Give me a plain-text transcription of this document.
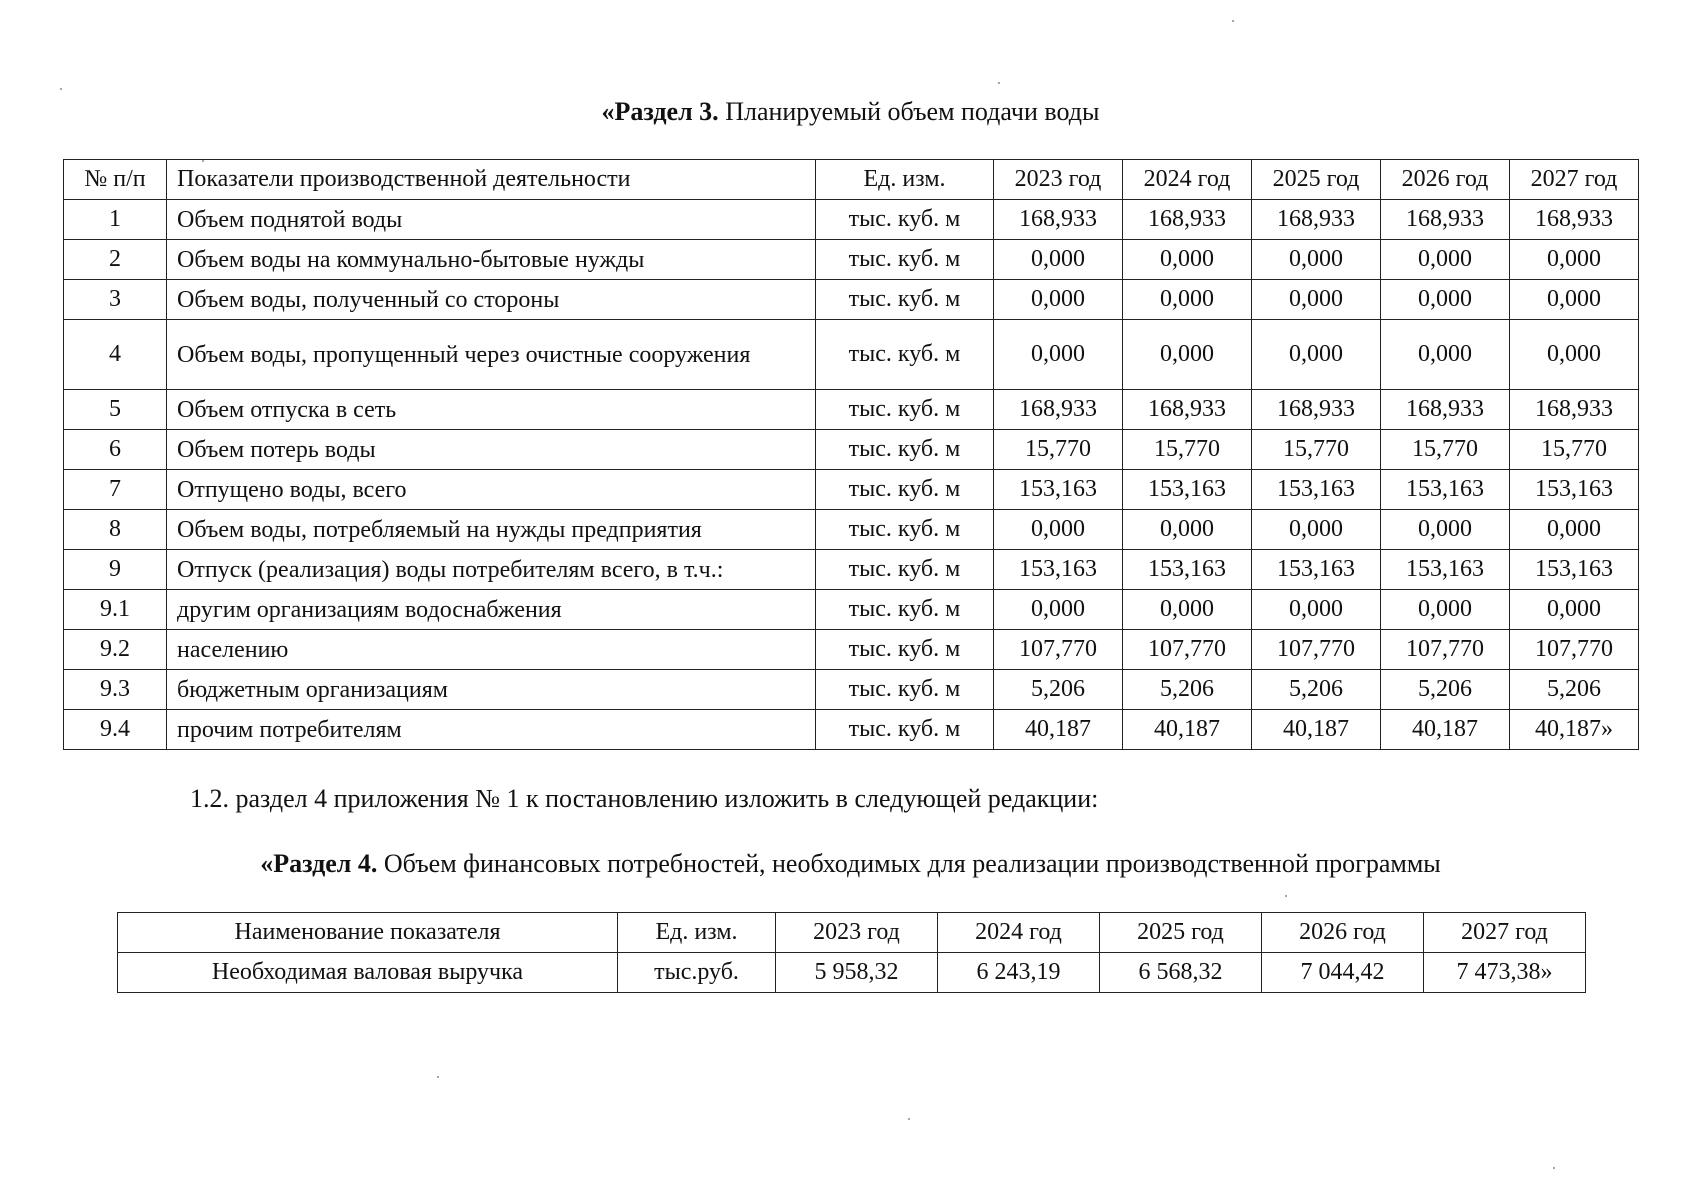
«Раздел 3. Планируемый объем подачи воды
№ п/п	Показатели производственной деятельности	Ед. изм.	2023 год	2024 год	2025 год	2026 год	2027 год
1	Объем поднятой воды	тыс. куб. м	168,933	168,933	168,933	168,933	168,933
2	Объем воды на коммунально-бытовые нужды	тыс. куб. м	0,000	0,000	0,000	0,000	0,000
3	Объем воды, полученный со стороны	тыс. куб. м	0,000	0,000	0,000	0,000	0,000
4	Объем воды, пропущенный через очистные сооружения	тыс. куб. м	0,000	0,000	0,000	0,000	0,000
5	Объем отпуска в сеть	тыс. куб. м	168,933	168,933	168,933	168,933	168,933
6	Объем потерь воды	тыс. куб. м	15,770	15,770	15,770	15,770	15,770
7	Отпущено воды, всего	тыс. куб. м	153,163	153,163	153,163	153,163	153,163
8	Объем воды, потребляемый на нужды предприятия	тыс. куб. м	0,000	0,000	0,000	0,000	0,000
9	Отпуск (реализация) воды потребителям всего, в т.ч.:	тыс. куб. м	153,163	153,163	153,163	153,163	153,163
9.1	другим организациям водоснабжения	тыс. куб. м	0,000	0,000	0,000	0,000	0,000
9.2	населению	тыс. куб. м	107,770	107,770	107,770	107,770	107,770
9.3	бюджетным организациям	тыс. куб. м	5,206	5,206	5,206	5,206	5,206
9.4	прочим потребителям	тыс. куб. м	40,187	40,187	40,187	40,187	40,187»
1.2. раздел 4 приложения № 1 к постановлению изложить в следующей редакции:
«Раздел 4. Объем финансовых потребностей, необходимых для реализации производственной программы
Наименование показателя	Ед. изм.	2023 год	2024 год	2025 год	2026 год	2027 год
Необходимая валовая выручка	тыс.руб.	5 958,32	6 243,19	6 568,32	7 044,42	7 473,38»
